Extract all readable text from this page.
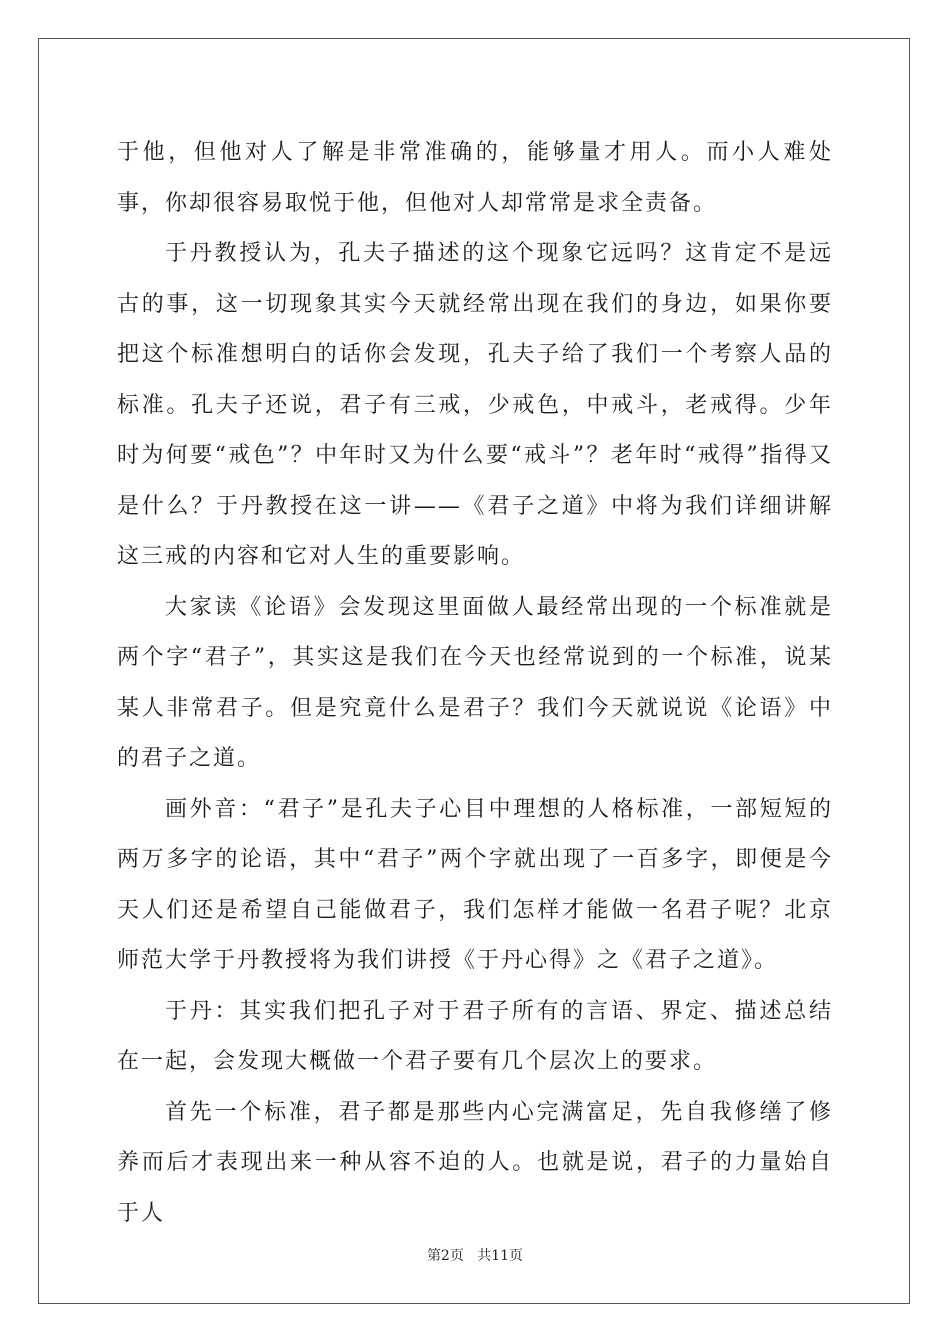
于他，但他对人了解是非常准确的，能够量才用人。而小人难处事，你却很容易取悦于他，但他对人却常常是求全责备。

于丹教授认为，孔夫子描述的这个现象它远吗？这肯定不是远古的事，这一切现象其实今天就经常出现在我们的身边，如果你要把这个标准想明白的话你会发现，孔夫子给了我们一个考察人品的标准。孔夫子还说，君子有三戒，少戒色，中戒斗，老戒得。少年时为何要“戒色”？中年时又为什么要“戒斗”？老年时“戒得”指得又是什么？于丹教授在这一讲——《君子之道》中将为我们详细讲解这三戒的内容和它对人生的重要影响。

大家读《论语》会发现这里面做人最经常出现的一个标准就是两个字“君子”，其实这是我们在今天也经常说到的一个标准，说某某人非常君子。但是究竟什么是君子？我们今天就说说《论语》中的君子之道。

画外音：“君子”是孔夫子心目中理想的人格标准，一部短短的两万多字的论语，其中“君子”两个字就出现了一百多字，即便是今天人们还是希望自己能做君子，我们怎样才能做一名君子呢？北京师范大学于丹教授将为我们讲授《于丹心得》之《君子之道》。

于丹：其实我们把孔子对于君子所有的言语、界定、描述总结在一起，会发现大概做一个君子要有几个层次上的要求。

首先一个标准，君子都是那些内心完满富足，先自我修缮了修养而后才表现出来一种从容不迫的人。也就是说，君子的力量始自于人

第2页 共11页
